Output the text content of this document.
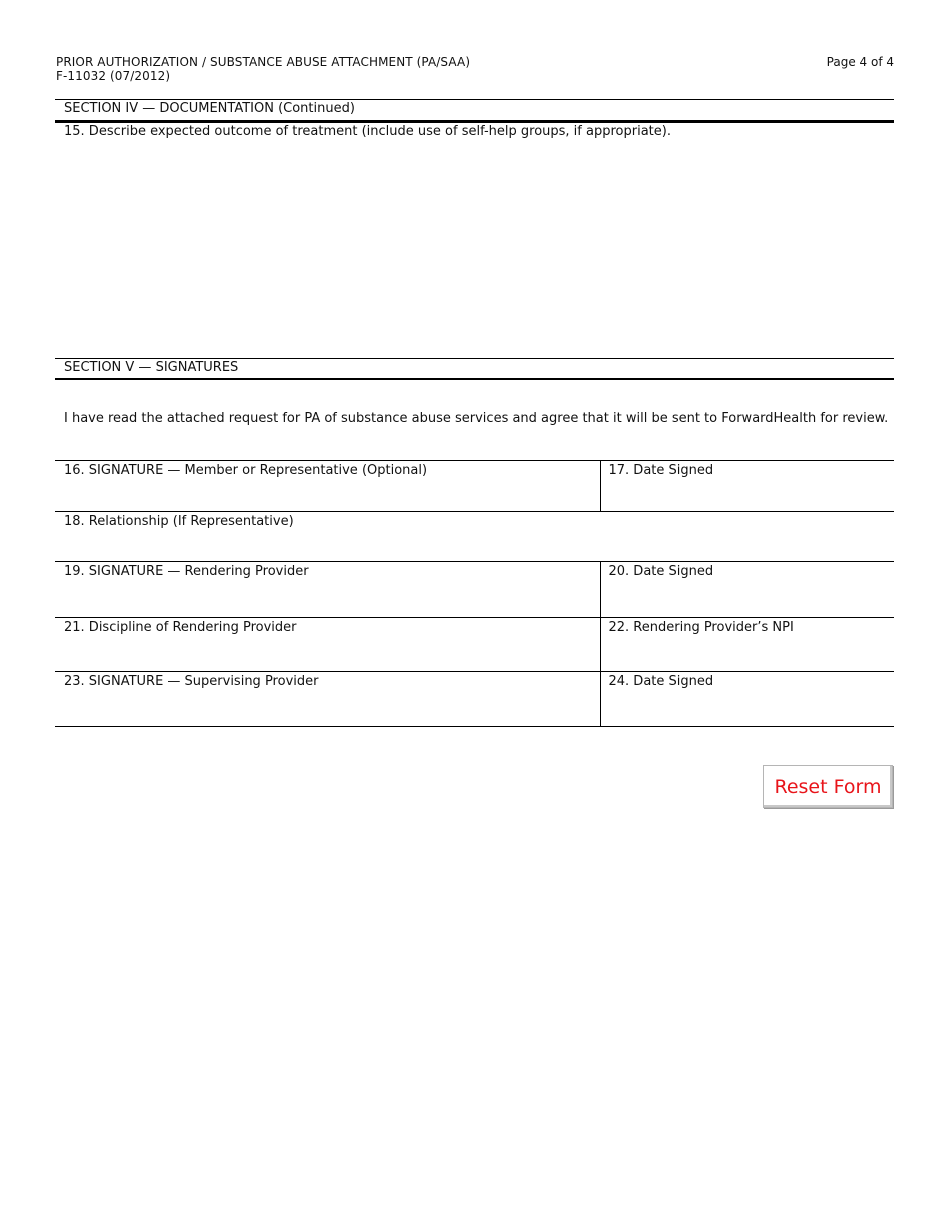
PRIOR AUTHORIZATION / SUBSTANCE ABUSE ATTACHMENT (PA/SAA)
F-11032 (07/2012)
Page 4 of 4
SECTION IV — DOCUMENTATION (Continued)
15. Describe expected outcome of treatment (include use of self-help groups, if appropriate).
SECTION V — SIGNATURES
I have read the attached request for PA of substance abuse services and agree that it will be sent to ForwardHealth for review.
16. SIGNATURE — Member or Representative (Optional)	17. Date Signed
18. Relationship (If Representative)	
19. SIGNATURE — Rendering Provider	20. Date Signed
21. Discipline of Rendering Provider	22. Rendering Provider’s NPI
23. SIGNATURE — Supervising Provider	24. Date Signed
Reset Form
